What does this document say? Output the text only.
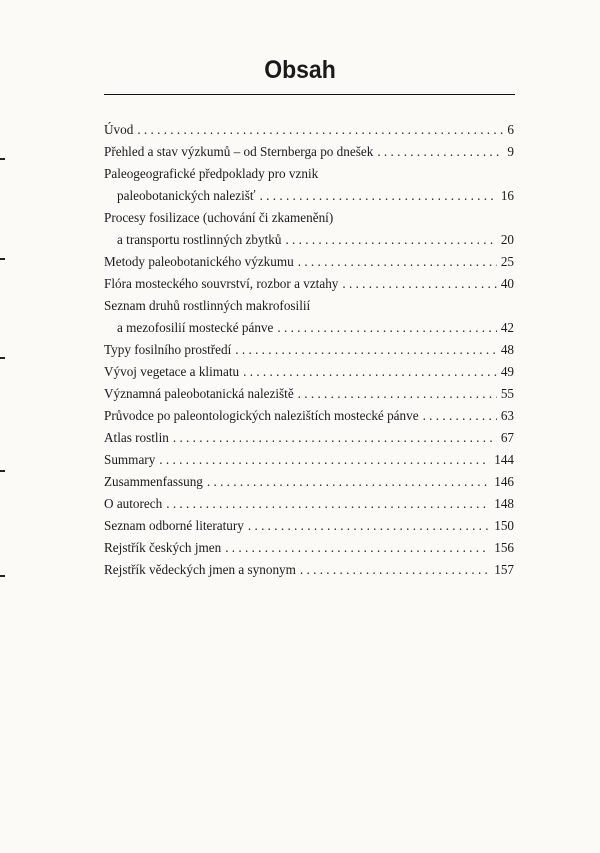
Obsah
Úvod . . .	6
Přehled a stav výzkumů – od Sternberga po dnešek . . .	9
Paleogeografické předpoklady pro vznik
paleobotanických nalezišť . . .	16
Procesy fosilizace (uchování či zkamenění)
a transportu rostlinných zbytků . . .	20
Metody paleobotanického výzkumu . . .	25
Flóra mosteckého souvrství, rozbor a vztahy . . .	40
Seznam druhů rostlinných makrofosilií
a mezofosilií mostecké pánve . . .	42
Typy fosilního prostředí . . .	48
Vývoj vegetace a klimatu . . .	49
Významná paleobotanická naleziště . . .	55
Průvodce po paleontologických nalezištích mostecké pánve . . .	63
Atlas rostlin . . .	67
Summary . . .	144
Zusammenfassung . . .	146
O autorech . . .	148
Seznam odborné literatury . . .	150
Rejstřík českých jmen . . .	156
Rejstřík vědeckých jmen a synonym . . .	157
